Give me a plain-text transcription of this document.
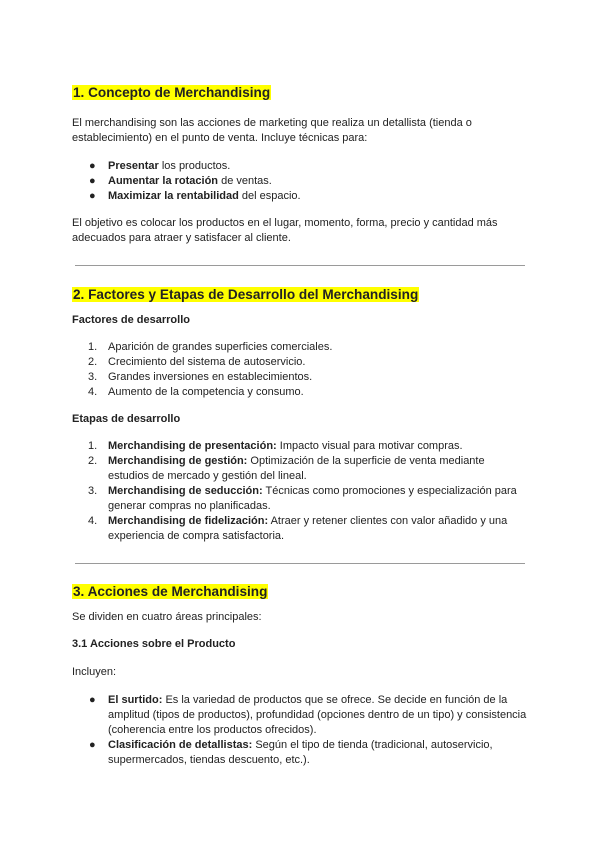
1. Concepto de Merchandising

El merchandising son las acciones de marketing que realiza un detallista (tienda o establecimiento) en el punto de venta. Incluye técnicas para:

●	Presentar los productos.
●	Aumentar la rotación de ventas.
●	Maximizar la rentabilidad del espacio.

El objetivo es colocar los productos en el lugar, momento, forma, precio y cantidad más adecuados para atraer y satisfacer al cliente.

2. Factores y Etapas de Desarrollo del Merchandising

Factores de desarrollo

1. Aparición de grandes superficies comerciales.
2. Crecimiento del sistema de autoservicio.
3. Grandes inversiones en establecimientos.
4. Aumento de la competencia y consumo.

Etapas de desarrollo

1. Merchandising de presentación: Impacto visual para motivar compras.
2. Merchandising de gestión: Optimización de la superficie de venta mediante estudios de mercado y gestión del lineal.
3. Merchandising de seducción: Técnicas como promociones y especialización para generar compras no planificadas.
4. Merchandising de fidelización: Atraer y retener clientes con valor añadido y una experiencia de compra satisfactoria.
3. Acciones de Merchandising

Se dividen en cuatro áreas principales:

3.1 Acciones sobre el Producto

Incluyen:

●	El surtido: Es la variedad de productos que se ofrece. Se decide en función de la amplitud (tipos de productos), profundidad (opciones dentro de un tipo) y consistencia (coherencia entre los productos ofrecidos).
●	Clasificación de detallistas: Según el tipo de tienda (tradicional, autoservicio, supermercados, tiendas descuento, etc.).
